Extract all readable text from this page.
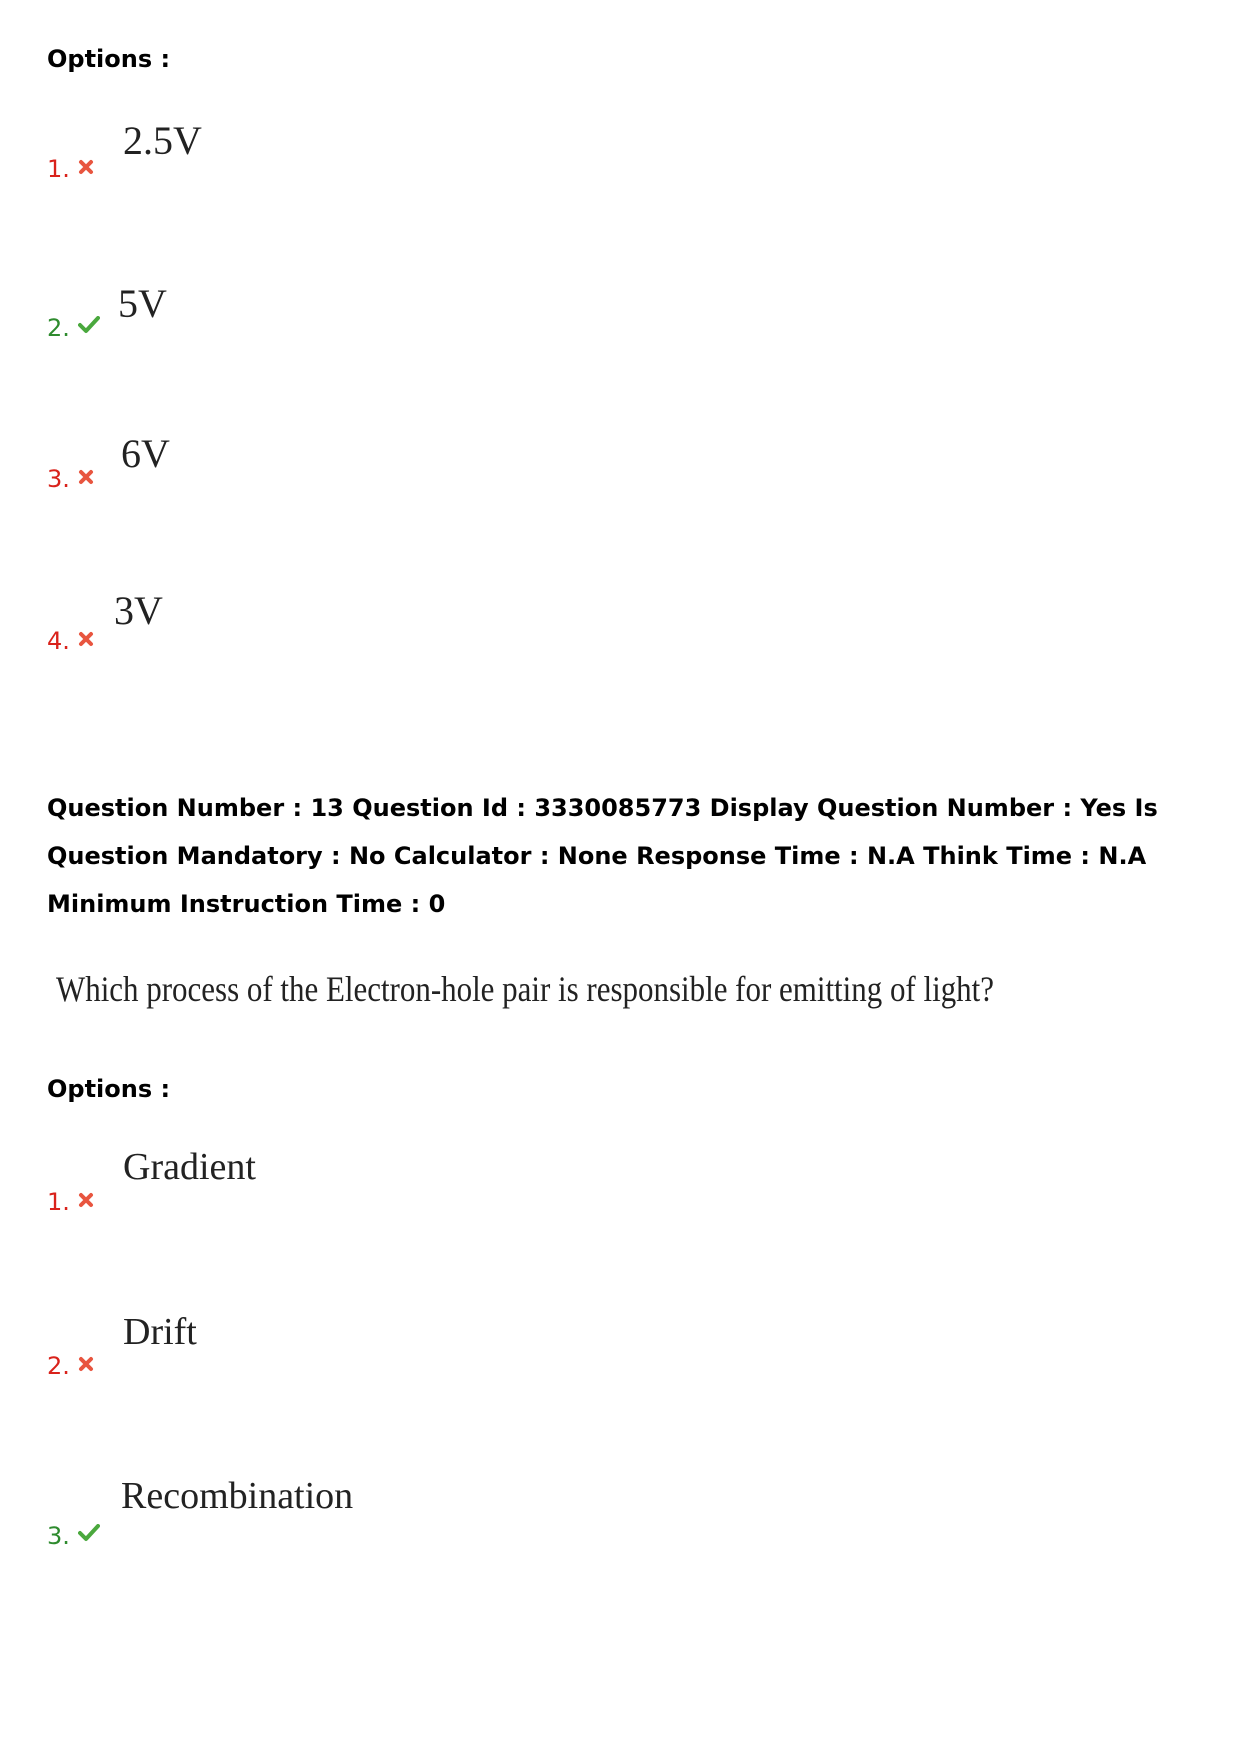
Options :
2.5V
1.
5V
2.
6V
3.
3V
4.
Question Number : 13 Question Id : 3330085773 Display Question Number : Yes Is Question Mandatory : No Calculator : None Response Time : N.A Think Time : N.A Minimum Instruction Time : 0
Which process of the Electron-hole pair is responsible for emitting of light?
Options :
Gradient
1.
Drift
2.
Recombination
3.
